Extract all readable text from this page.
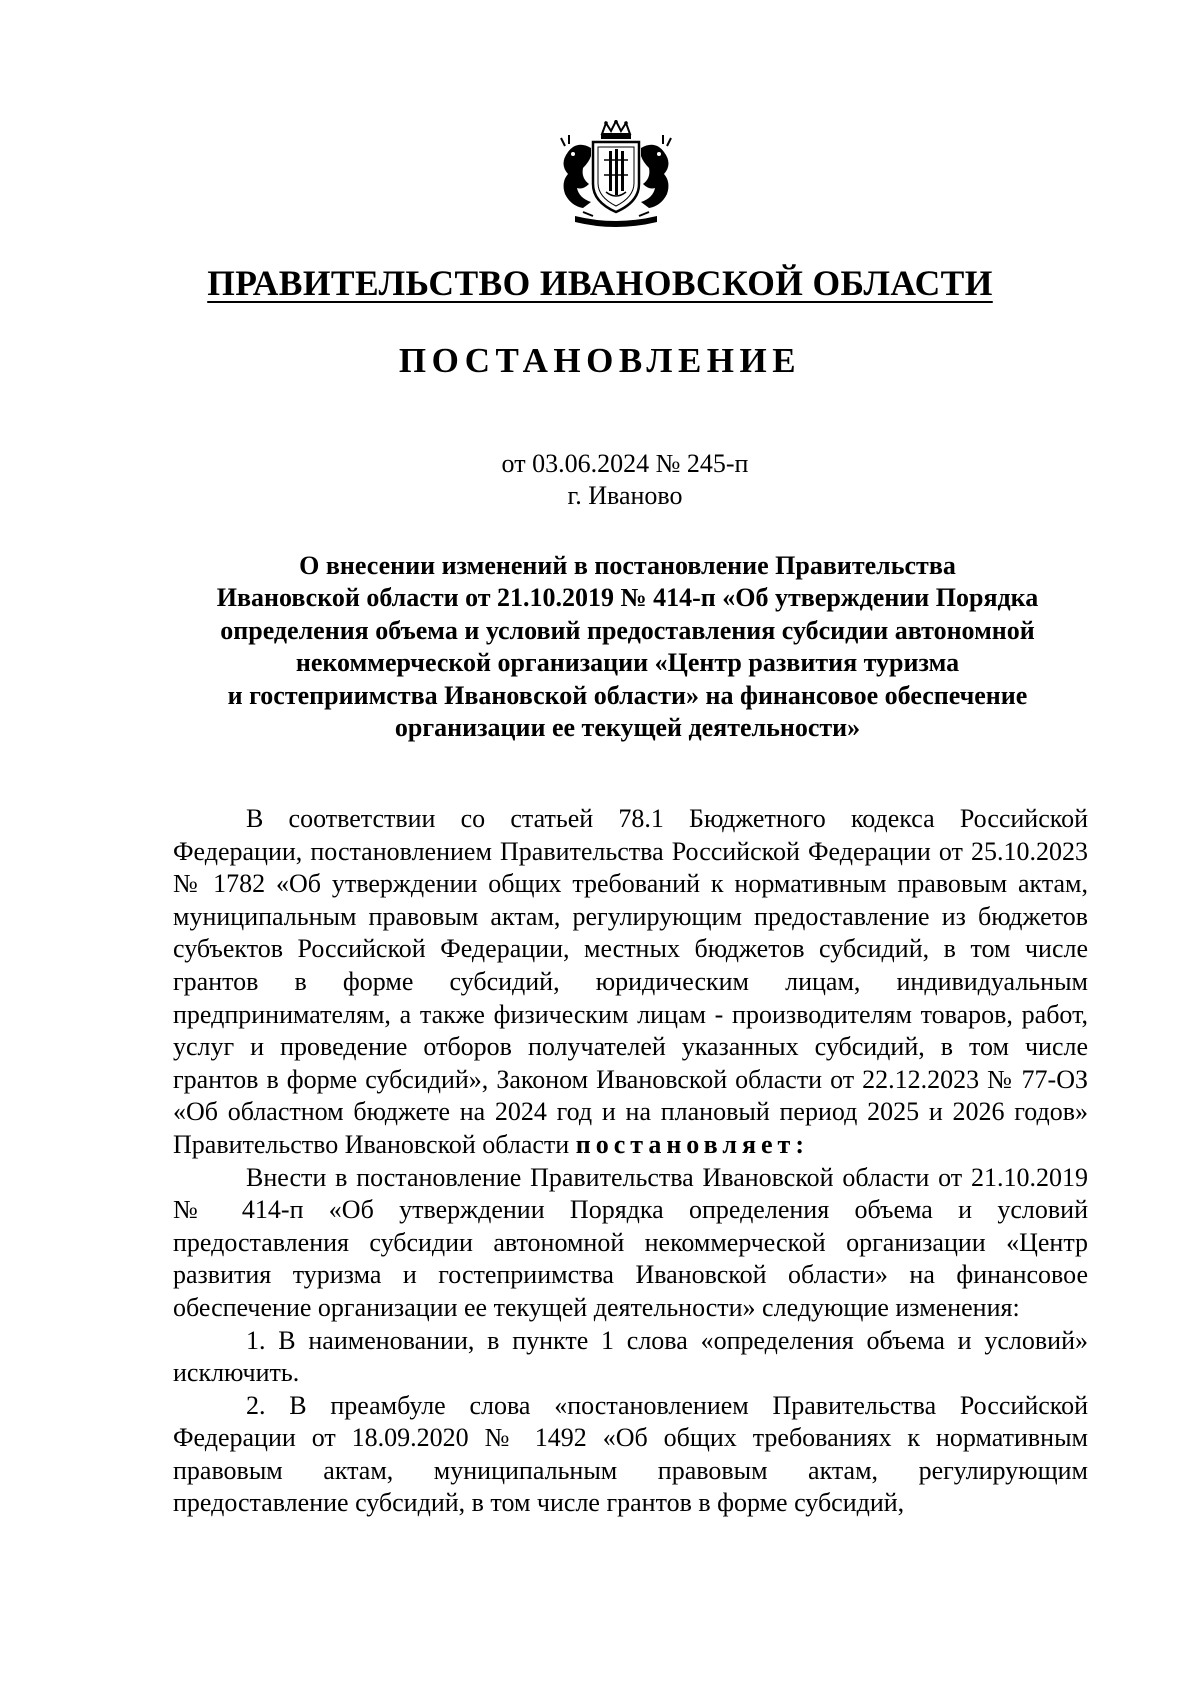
ПРАВИТЕЛЬСТВО ИВАНОВСКОЙ ОБЛАСТИ
ПОСТАНОВЛЕНИЕ
от 03.06.2024 № 245-п
г. Иваново
О внесении изменений в постановление Правительства
Ивановской области от 21.10.2019 № 414-п «Об утверждении Порядка
определения объема и условий предоставления субсидии автономной
некоммерческой организации «Центр развития туризма
и гостеприимства Ивановской области» на финансовое обеспечение
организации ее текущей деятельности»

В соответствии со статьей 78.1 Бюджетного кодекса Российской Федерации, постановлением Правительства Российской Федерации от 25.10.2023 № 1782 «Об утверждении общих требований к нормативным правовым актам, муниципальным правовым актам, регулирующим предоставление из бюджетов субъектов Российской Федерации, местных бюджетов субсидий, в том числе грантов в форме субсидий, юридическим лицам, индивидуальным предпринимателям, а также физическим лицам - производителям товаров, работ, услуг и проведение отборов получателей указанных субсидий, в том числе грантов в форме субсидий», Законом Ивановской области от 22.12.2023 № 77-ОЗ «Об областном бюджете на 2024 год и на плановый период 2025 и 2026 годов» Правительство Ивановской области постановляет:

Внести в постановление Правительства Ивановской области от 21.10.2019 № 414-п «Об утверждении Порядка определения объема и условий предоставления субсидии автономной некоммерческой организации «Центр развития туризма и гостеприимства Ивановской области» на финансовое обеспечение организации ее текущей деятельности» следующие изменения:

1. В наименовании, в пункте 1 слова «определения объема и условий» исключить.

2. В преамбуле слова «постановлением Правительства Российской Федерации от 18.09.2020 № 1492 «Об общих требованиях к нормативным правовым актам, муниципальным правовым актам, регулирующим предоставление субсидий, в том числе грантов в форме субсидий,
